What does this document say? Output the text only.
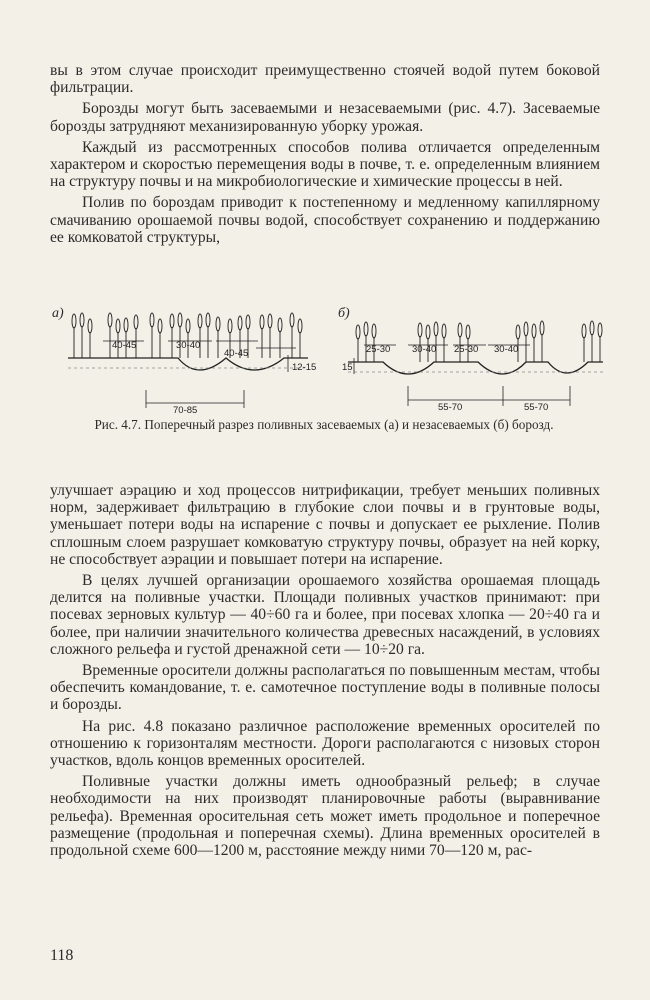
вы в этом случае происходит преимущественно стоячей водой путем боковой фильтрации.

Борозды могут быть засеваемыми и незасеваемыми (рис. 4.7). Засеваемые борозды затрудняют механизированную уборку урожая.

Каждый из рассмотренных способов полива отличается определенным характером и скоростью перемещения воды в почве, т. е. определенным влиянием на структуру почвы и на микробиологические и химические процессы в ней.

Полив по бороздам приводит к постепенному и медленному капиллярному смачиванию орошаемой почвы водой, способствует сохранению и поддержанию ее комковатой структуры,

а)	б)
40-45	30-40
40-45
70-85
12-15
25-30 30-40 25-30 30-40
55-70	55-70
15

Рис. 4.7. Поперечный разрез поливных засеваемых (а) и незасеваемых (б) борозд.

улучшает аэрацию и ход процессов нитрификации, требует меньших поливных норм, задерживает фильтрацию в глубокие слои почвы и в грунтовые воды, уменьшает потери воды на испарение с почвы и допускает ее рыхление. Полив сплошным слоем разрушает комковатую структуру почвы, образует на ней корку, не способствует аэрации и повышает потери на испарение.

В целях лучшей организации орошаемого хозяйства орошаемая площадь делится на поливные участки. Площади поливных участков принимают: при посевах зерновых культур — 40÷60 га и более, при посевах хлопка — 20÷40 га и более, при наличии значительного количества древесных насаждений, в условиях сложного рельефа и густой дренажной сети — 10÷20 га.

Временные оросители должны располагаться по повышенным местам, чтобы обеспечить командование, т. е. самотечное поступление воды в поливные полосы и борозды.

На рис. 4.8 показано различное расположение временных оросителей по отношению к горизонталям местности. Дороги располагаются с низовых сторон участков, вдоль концов временных оросителей.

Поливные участки должны иметь однообразный рельеф; в случае необходимости на них производят планировочные работы (выравнивание рельефа). Временная оросительная сеть может иметь продольное и поперечное размещение (продольная и поперечная схемы). Длина временных оросителей в продольной схеме 600—1200 м, расстояние между ними 70—120 м, рас-

118
